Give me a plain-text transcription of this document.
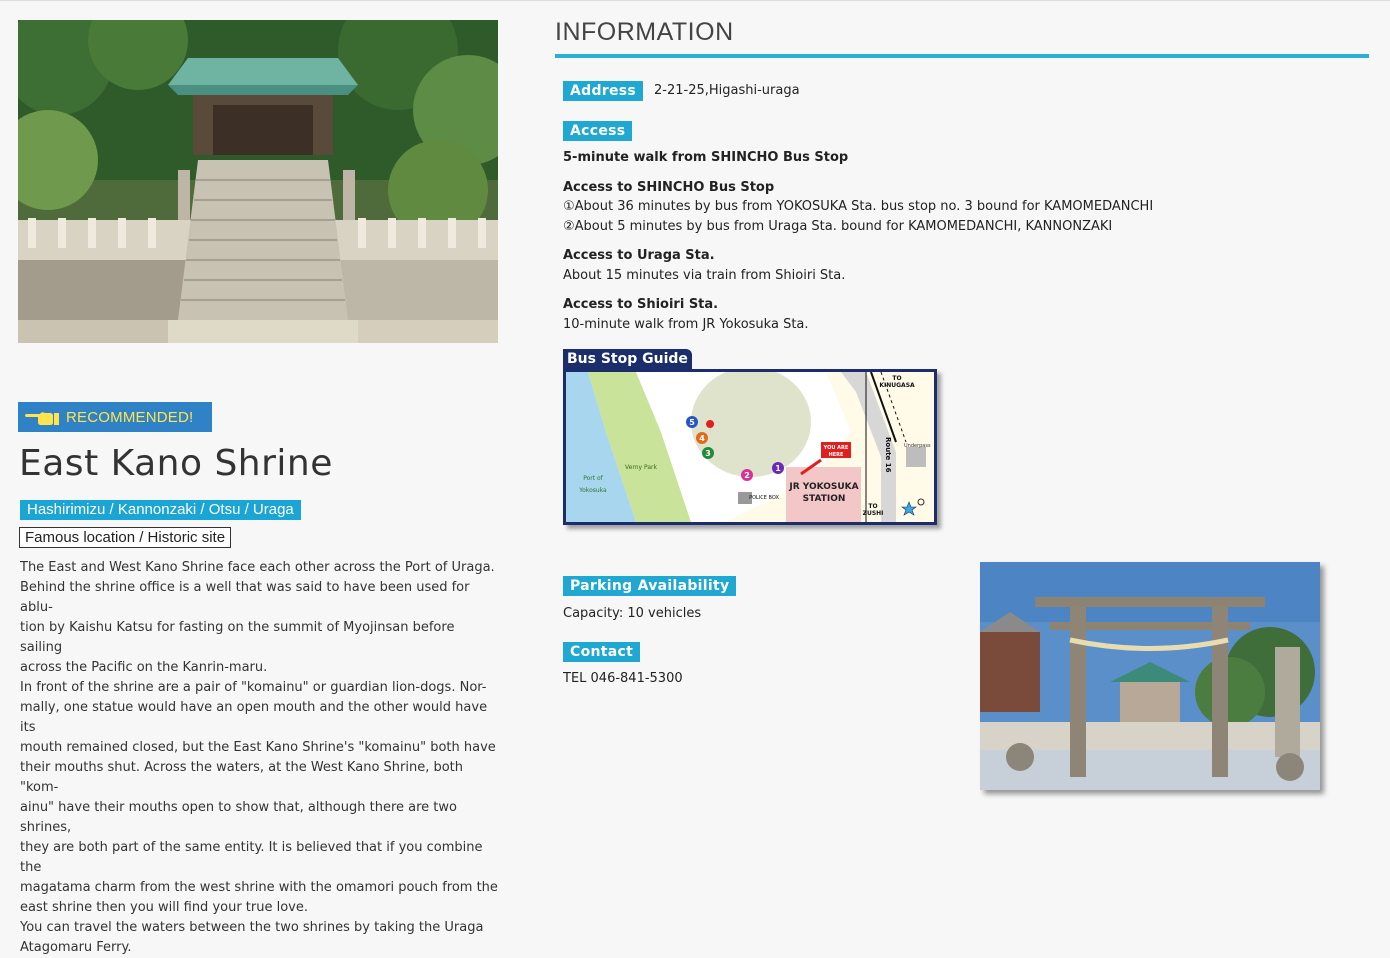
RECOMMENDED!
East Kano Shrine
Hashirimizu / Kannonzaki / Otsu / Uraga
Famous location / Historic site

The East and West Kano Shrine face each other across the Port of Uraga.

Behind the shrine office is a well that was said to have been used for ablu-

tion by Kaishu Katsu for fasting on the summit of Myojinsan before sailing

across the Pacific on the Kanrin-maru.

In front of the shrine are a pair of "komainu" or guardian lion-dogs. Nor-

mally, one statue would have an open mouth and the other would have its

mouth remained closed, but the East Kano Shrine's "komainu" both have

their mouths shut. Across the waters, at the West Kano Shrine, both "kom-

ainu" have their mouths open to show that, although there are two shrines,

they are both part of the same entity. It is believed that if you combine the

magatama charm from the west shrine with the omamori pouch from the

east shrine then you will find your true love.

You can travel the waters between the two shrines by taking the Uraga

Atagomaru Ferry.

INFORMATION
Address	2-21-25,Higashi-uraga
Access
5-minute walk from SHINCHO Bus Stop
Access to SHINCHO Bus Stop
①About 36 minutes by bus from YOKOSUKA Sta. bus stop no. 3 bound for KAMOMEDANCHI
②About 5 minutes by bus from Uraga Sta. bound for KAMOMEDANCHI, KANNONZAKI
Access to Uraga Sta.
About 15 minutes via train from Shioiri Sta.
Access to Shioiri Sta.
10-minute walk from JR Yokosuka Sta.
Bus Stop Guide
TO
KINUGASA
Route 16 Underpass
YOU ARE
HERE
JR YOKOSUKA
STATION
TO
ZUSHI
Port of
Yokosuka
Verny Park
POLICE BOX
5
4
3
2
1
Parking Availability
Capacity: 10 vehicles
Contact
TEL 046-841-5300
